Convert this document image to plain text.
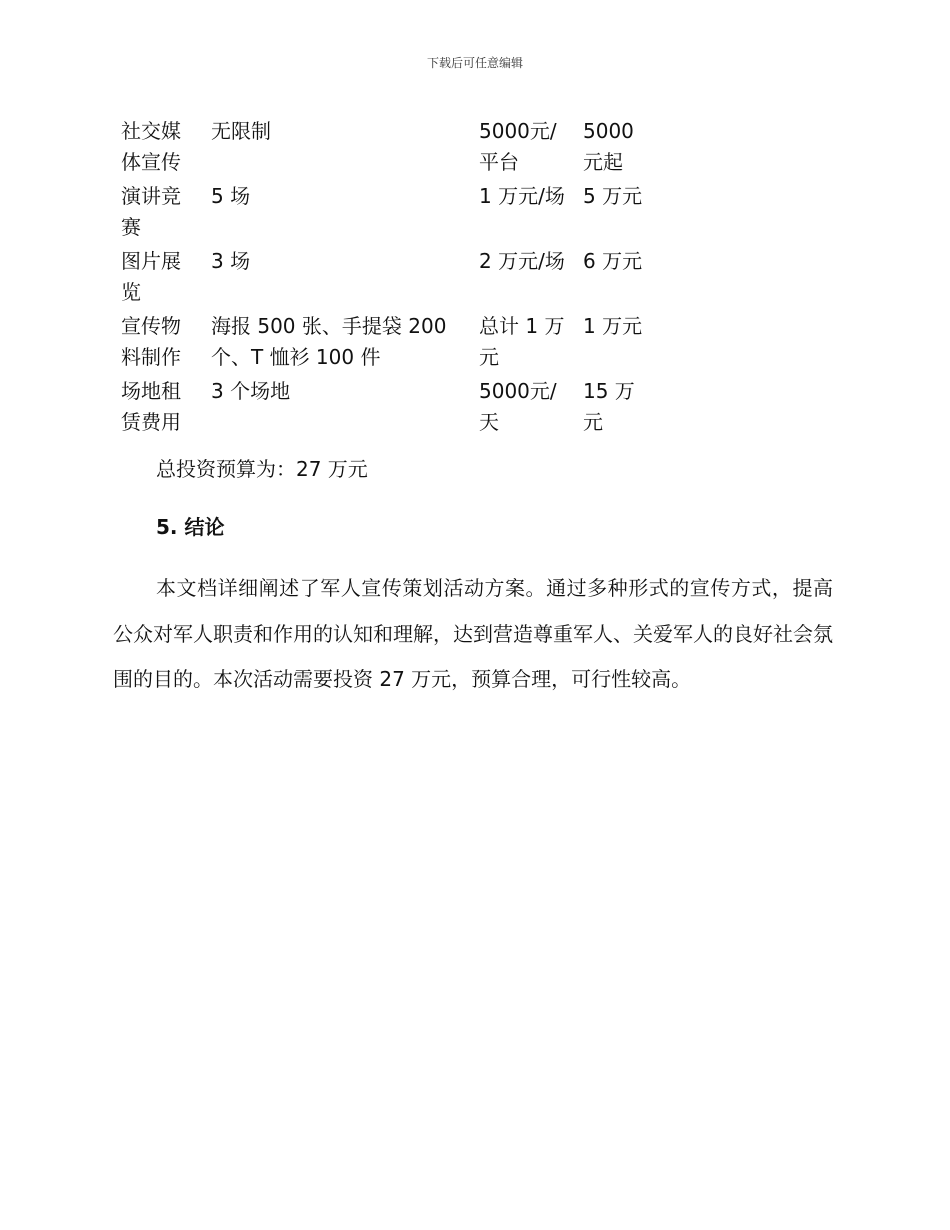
下载后可任意编辑
社交媒体宣传	无限制	5000元/平台	5000元起
演讲竞赛	5 场	1 万元/场	5 万元
图片展览	3 场	2 万元/场	6 万元
宣传物料制作	海报 500 张、手提袋 200 个、T 恤衫 100 件	总计 1 万元	1 万元
场地租赁费用	3 个场地	5000元/天	15 万元
总投资预算为：27 万元
5. 结论

本文档详细阐述了军人宣传策划活动方案。通过多种形式的宣传方式，提高公众对军人职责和作用的认知和理解，达到营造尊重军人、关爱军人的良好社会氛围的目的。本次活动需要投资 27 万元，预算合理，可行性较高。
